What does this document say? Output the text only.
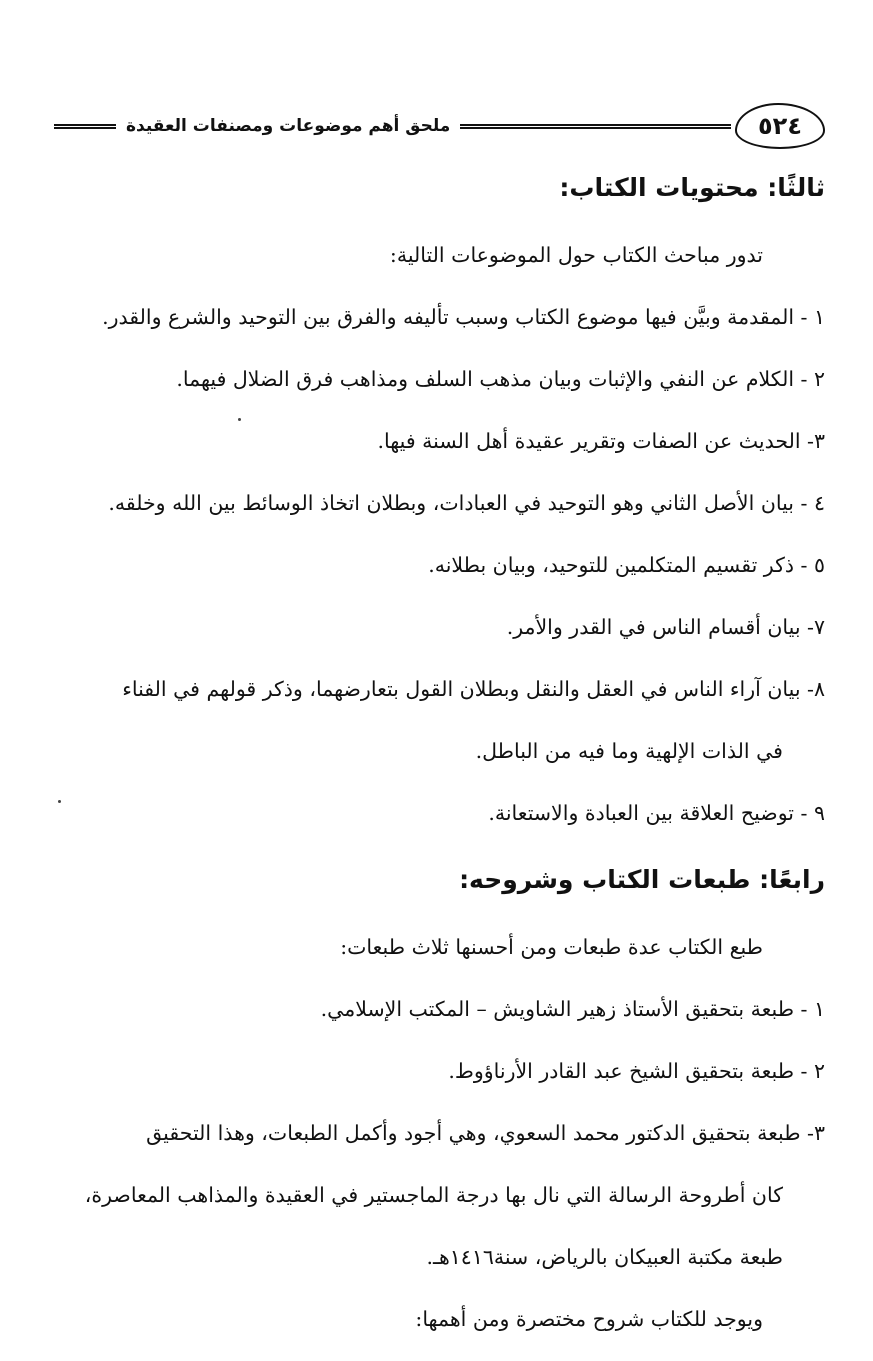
٥٢٤
ملحق أهم موضوعات ومصنفات العقيدة
ثالثًا: محتويات الكتاب:

تدور مباحث الكتاب حول الموضوعات التالية:

١ - المقدمة وبيَّن فيها موضوع الكتاب وسبب تأليفه والفرق بين التوحيد والشرع والقدر.

٢ - الكلام عن النفي والإثبات وبيان مذهب السلف ومذاهب فرق الضلال فيهما.

٣- الحديث عن الصفات وتقرير عقيدة أهل السنة فيها.

٤ - بيان الأصل الثاني وهو التوحيد في العبادات، وبطلان اتخاذ الوسائط بين الله وخلقه.

٥ - ذكر تقسيم المتكلمين للتوحيد، وبيان بطلانه.

٧- بيان أقسام الناس في القدر والأمر.

٨- بيان آراء الناس في العقل والنقل وبطلان القول بتعارضهما، وذكر قولهم في الفناء

في الذات الإلهية وما فيه من الباطل.

٩ - توضيح العلاقة بين العبادة والاستعانة.

رابعًا: طبعات الكتاب وشروحه:

طبع الكتاب عدة طبعات ومن أحسنها ثلاث طبعات:

١ - طبعة بتحقيق الأستاذ زهير الشاويش – المكتب الإسلامي.

٢ - طبعة بتحقيق الشيخ عبد القادر الأرناؤوط.

٣- طبعة بتحقيق الدكتور محمد السعوي، وهي أجود وأكمل الطبعات، وهذا التحقيق

كان أطروحة الرسالة التي نال بها درجة الماجستير في العقيدة والمذاهب المعاصرة،

طبعة مكتبة العبيكان بالرياض، سنة١٤١٦هـ.

ويوجد للكتاب شروح مختصرة ومن أهمها:
